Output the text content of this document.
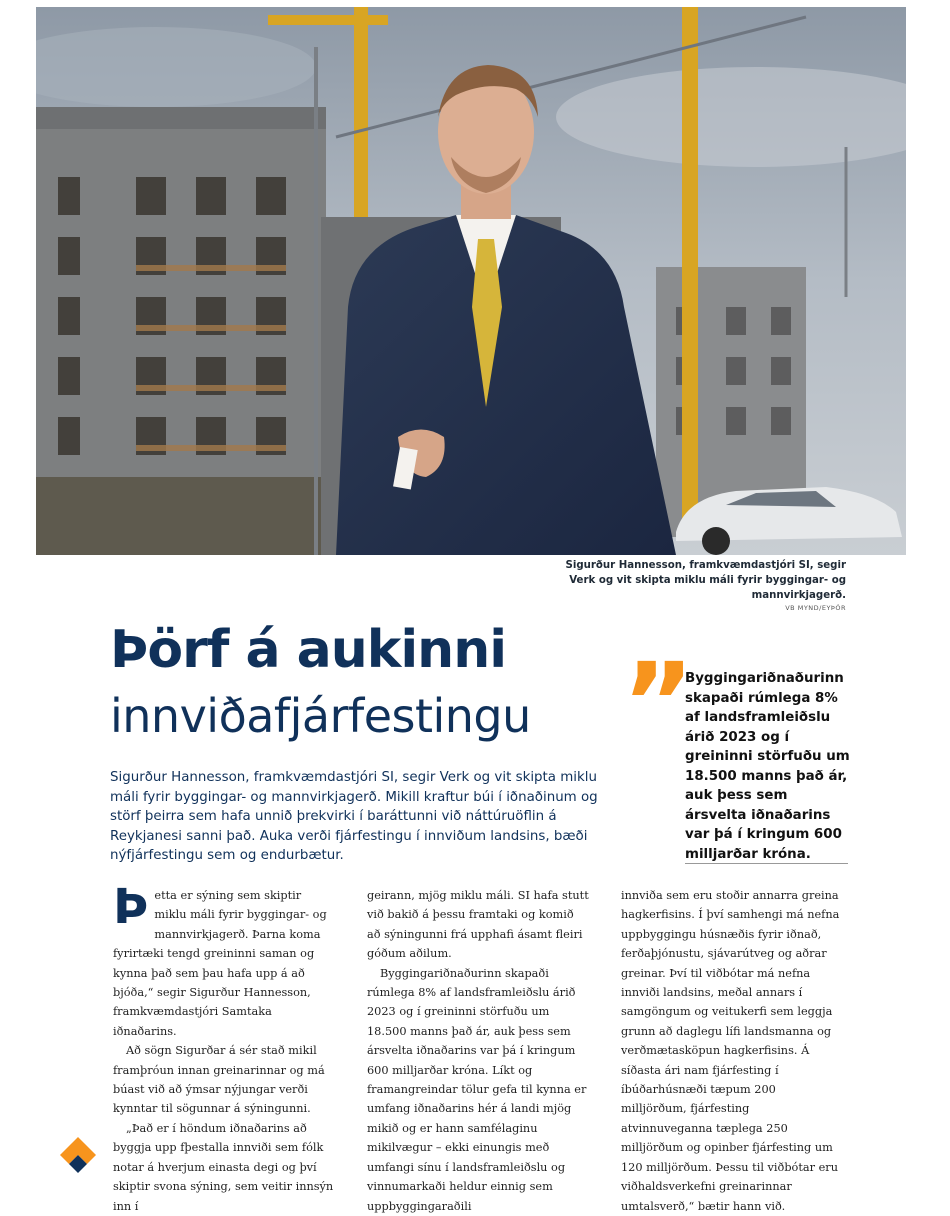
Sigurður Hannesson, framkvæmdastjóri SI, segir Verk og vit skipta miklu máli fyrir byggingar- og mannvirkjagerð.
VB MYND/EYÞÓR
Þörf á aukinni
innviðafjárfestingu

Sigurður Hannesson, framkvæmdastjóri SI, segir Verk og vit skipta miklu máli fyrir byggingar- og mannvirkjagerð. Mikill kraftur búi í iðnaðinum og störf þeirra sem hafa unnið þrekvirki í baráttunni við náttúruöflin á Reykjanesi sanni það. Auka verði fjárfestingu í innviðum landsins, bæði nýfjárfestingu sem og endurbætur.

”

Byggingariðnaðurinn skapaði rúmlega 8% af landsframleiðslu árið 2023 og í greininni störfuðu um 18.500 manns það ár, auk þess sem ársvelta iðnaðarins var þá í kringum 600 milljarðar króna.

Þetta er sýning sem skiptir miklu máli fyrir byggingar- og mannvirkjagerð. Þarna koma fyrirtæki tengd greininni saman og kynna það sem þau hafa upp á að bjóða,“ segir Sigurður Hannesson, framkvæmdastjóri Samtaka iðnaðarins.

Að sögn Sigurðar á sér stað mikil framþróun innan greinarinnar og má búast við að ýmsar nýjungar verði kynntar til sögunnar á sýningunni.

„Það er í höndum iðnaðarins að byggja upp fþestalla innviði sem fólk notar á hverjum einasta degi og því skiptir svona sýning, sem veitir innsýn inn í

geirann, mjög miklu máli. SI hafa stutt við bakið á þessu framtaki og komið að sýningunni frá upphafi ásamt fleiri góðum aðilum.

Byggingariðnaðurinn skapaði rúmlega 8% af landsframleiðslu árið 2023 og í greininni störfuðu um 18.500 manns það ár, auk þess sem ársvelta iðnaðarins var þá í kringum 600 milljarðar króna. Líkt og framangreindar tölur gefa til kynna er umfang iðnaðarins hér á landi mjög mikið og er hann samfélaginu mikilvægur – ekki einungis með umfangi sínu í landsframleiðslu og vinnumarkaði heldur einnig sem uppbyggingaraðili

innviða sem eru stoðir annarra greina hagkerfisins. Í því samhengi má nefna uppbyggingu húsnæðis fyrir iðnað, ferðaþjónustu, sjávarútveg og aðrar greinar. Því til viðbótar má nefna innviði landsins, meðal annars í samgöngum og veitukerfi sem leggja grunn að daglegu lífi landsmanna og verðmætasköpun hagkerfisins. Á síðasta ári nam fjárfesting í íbúðarhúsnæði tæpum 200 milljörðum, fjárfesting atvinnuveganna tæplega 250 milljörðum og opinber fjárfesting um 120 milljörðum. Þessu til viðbótar eru viðhaldsverkefni greinarinnar umtalsverð,“ bætir hann við.
